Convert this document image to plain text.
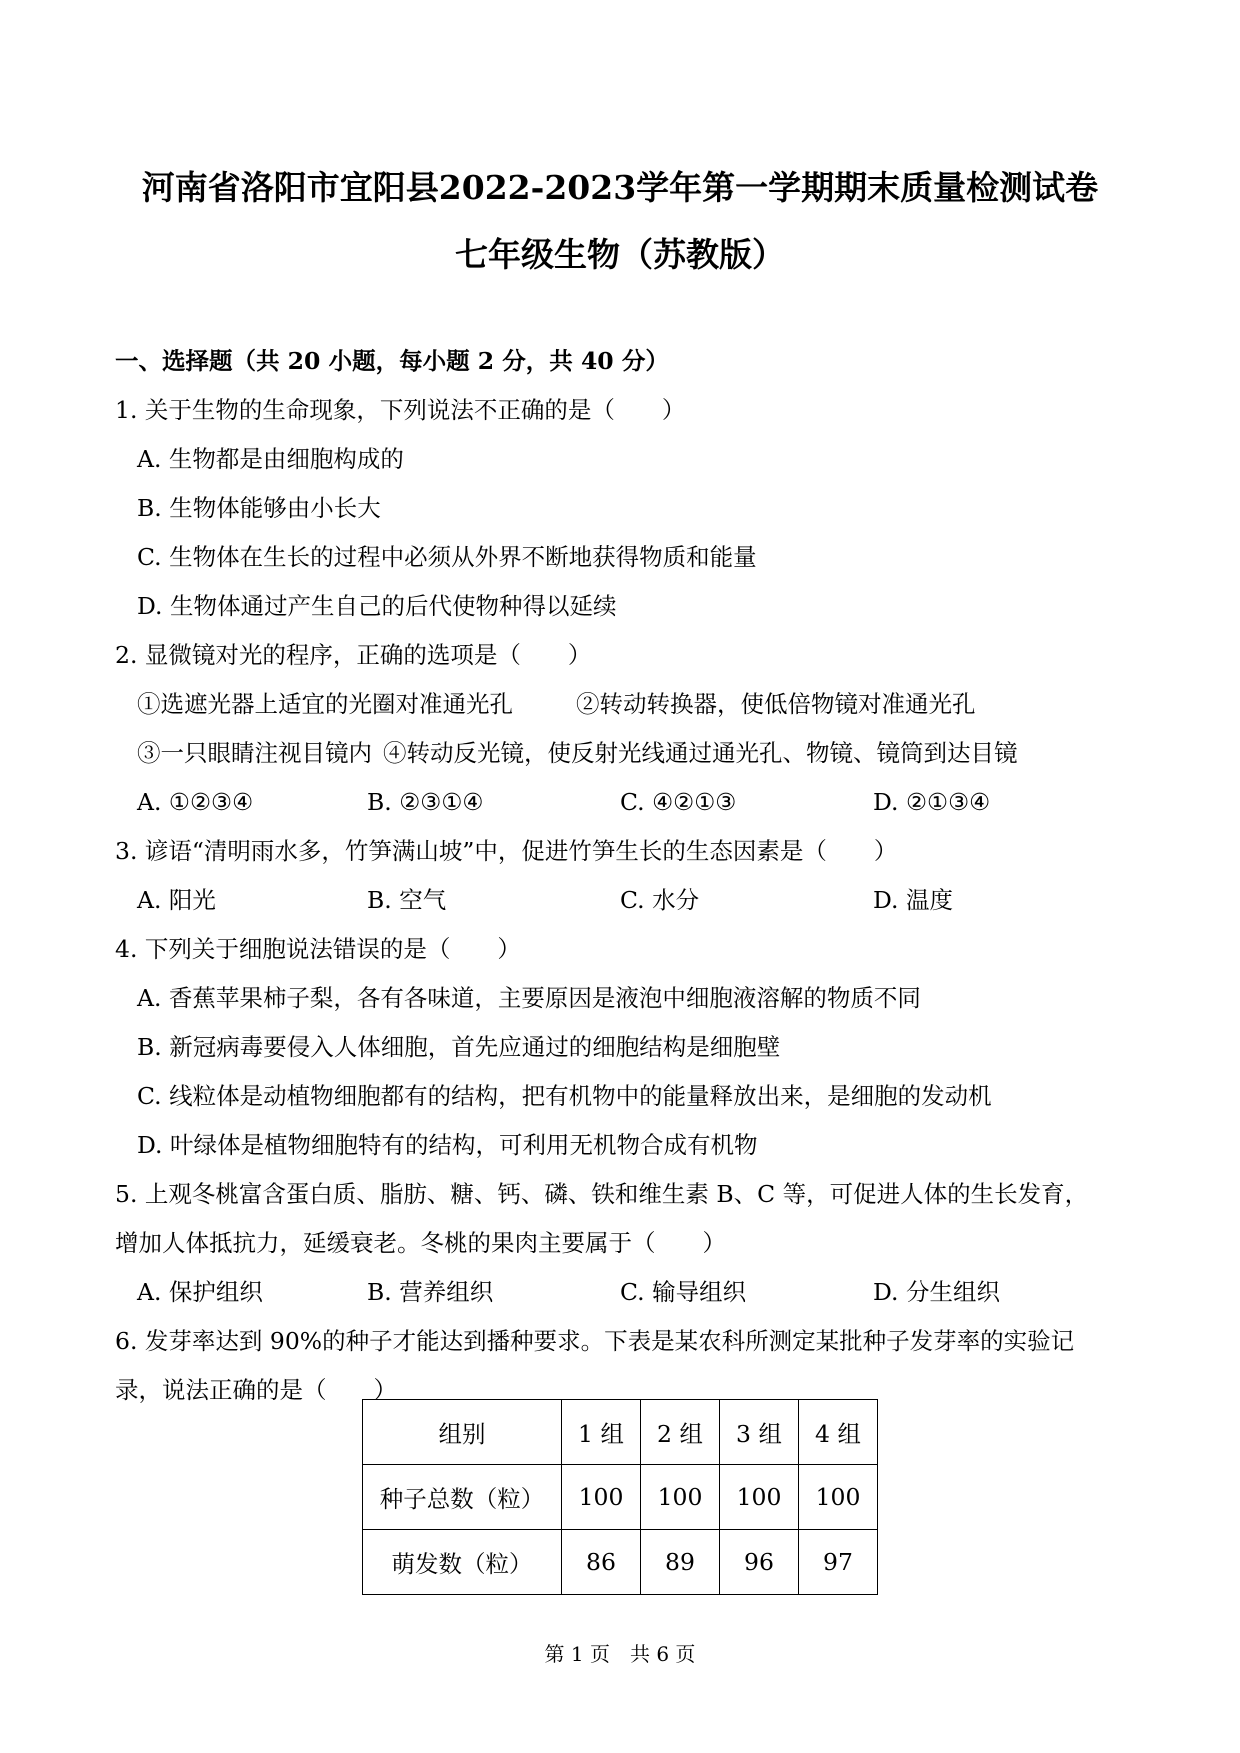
河南省洛阳市宜阳县2022-2023学年第一学期期末质量检测试卷
七年级生物（苏教版）
一、选择题（共 20 小题，每小题 2 分，共 40 分）
1. 关于生物的生命现象，下列说法不正确的是（　　）
A. 生物都是由细胞构成的
B. 生物体能够由小长大
C. 生物体在生长的过程中必须从外界不断地获得物质和能量
D. 生物体通过产生自己的后代使物种得以延续
2. 显微镜对光的程序，正确的选项是（　　）
①选遮光器上适宜的光圈对准通光孔	②转动转换器，使低倍物镜对准通光孔
③一只眼睛注视目镜内 ④转动反光镜，使反射光线通过通光孔、物镜、镜筒到达目镜
A. ①②③④	B. ②③①④	C. ④②①③	D. ②①③④
3. 谚语“清明雨水多，竹笋满山坡”中，促进竹笋生长的生态因素是（　　）
A. 阳光	B. 空气	C. 水分	D. 温度
4. 下列关于细胞说法错误的是（　　）
A. 香蕉苹果柿子梨，各有各味道，主要原因是液泡中细胞液溶解的物质不同
B. 新冠病毒要侵入人体细胞，首先应通过的细胞结构是细胞壁
C. 线粒体是动植物细胞都有的结构，把有机物中的能量释放出来，是细胞的发动机
D. 叶绿体是植物细胞特有的结构，可利用无机物合成有机物
5. 上观冬桃富含蛋白质、脂肪、糖、钙、磷、铁和维生素 B、C 等，可促进人体的生长发育，
增加人体抵抗力，延缓衰老。冬桃的果肉主要属于（　　）
A. 保护组织	B. 营养组织	C. 输导组织	D. 分生组织
6. 发芽率达到 90%的种子才能达到播种要求。下表是某农科所测定某批种子发芽率的实验记
录，说法正确的是（　　）
组别	1 组	2 组	3 组	4 组
种子总数（粒）	100	100	100	100
萌发数（粒）	86	89	96	97
第 1 页　共 6 页
